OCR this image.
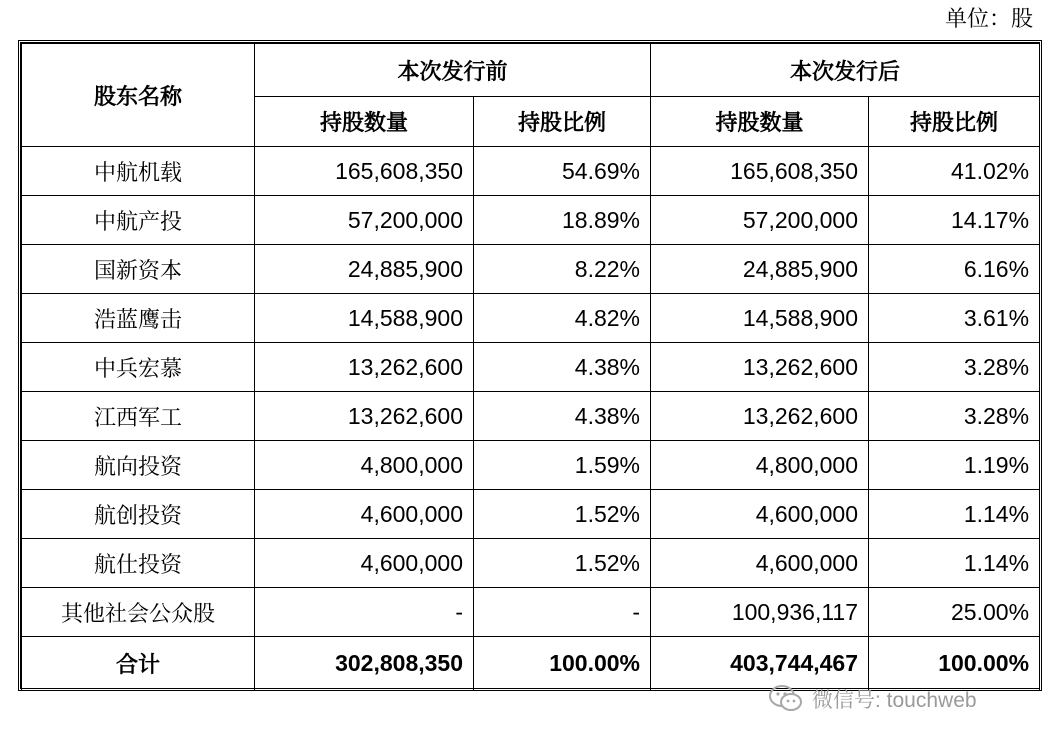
单位：股
股东名称	本次发行前		本次发行后	
	持股数量	持股比例	持股数量	持股比例
中航机载	165,608,350	54.69%	165,608,350	41.02%
中航产投	57,200,000	18.89%	57,200,000	14.17%
国新资本	24,885,900	8.22%	24,885,900	6.16%
浩蓝鹰击	14,588,900	4.82%	14,588,900	3.61%
中兵宏慕	13,262,600	4.38%	13,262,600	3.28%
江西军工	13,262,600	4.38%	13,262,600	3.28%
航向投资	4,800,000	1.59%	4,800,000	1.19%
航创投资	4,600,000	1.52%	4,600,000	1.14%
航仕投资	4,600,000	1.52%	4,600,000	1.14%
其他社会公众股	-	-	100,936,117	25.00%
合计	302,808,350	100.00%	403,744,467	100.00%
微信号: touchweb
